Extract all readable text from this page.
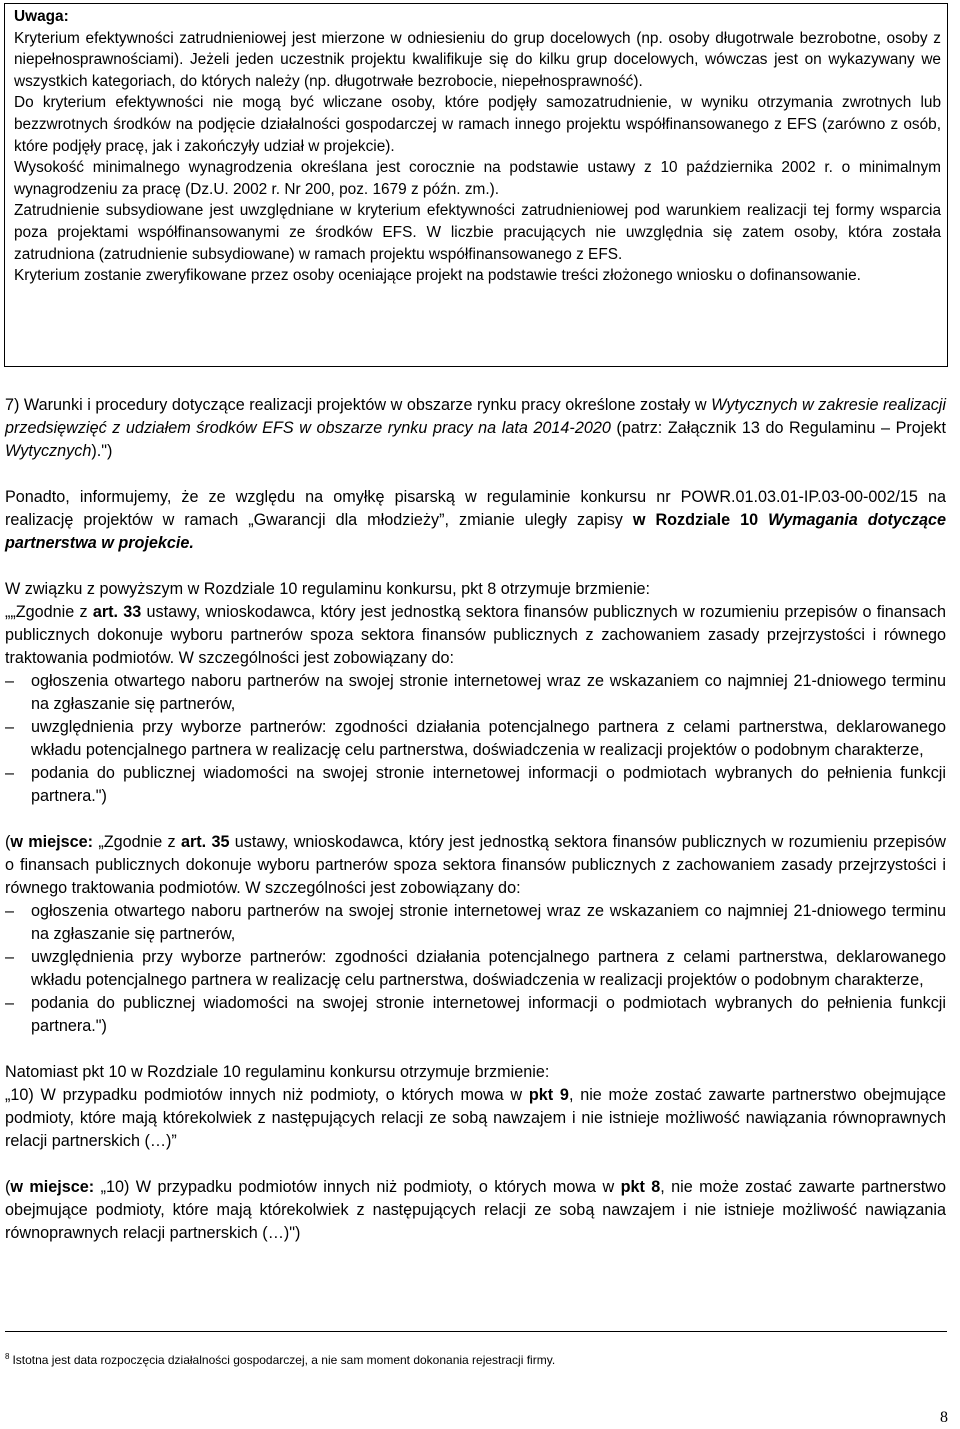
Uwaga:

Kryterium efektywności zatrudnieniowej jest mierzone w odniesieniu do grup docelowych (np. osoby długotrwale bezrobotne, osoby z niepełnosprawnościami). Jeżeli jeden uczestnik projektu kwalifikuje się do kilku grup docelowych, wówczas jest on wykazywany we wszystkich kategoriach, do których należy (np. długotrwałe bezrobocie, niepełnosprawność).

Do kryterium efektywności nie mogą być wliczane osoby, które podjęły samozatrudnienie, w wyniku otrzymania zwrotnych lub bezzwrotnych środków na podjęcie działalności gospodarczej w ramach innego projektu współfinansowanego z EFS (zarówno z osób, które podjęły pracę, jak i zakończyły udział w projekcie).

Wysokość minimalnego wynagrodzenia określana jest corocznie na podstawie ustawy z 10 października 2002 r. o minimalnym wynagrodzeniu za pracę (Dz.U. 2002 r. Nr 200, poz. 1679 z późn. zm.).

Zatrudnienie subsydiowane jest uwzględniane w kryterium efektywności zatrudnieniowej pod warunkiem realizacji tej formy wsparcia poza projektami współfinansowanymi ze środków EFS. W liczbie pracujących nie uwzględnia się zatem osoby, która została zatrudniona (zatrudnienie subsydiowane) w ramach projektu współfinansowanego z EFS.

Kryterium zostanie zweryfikowane przez osoby oceniające projekt na podstawie treści złożonego wniosku o dofinansowanie.

7) Warunki i procedury dotyczące realizacji projektów w obszarze rynku pracy określone zostały w Wytycznych w zakresie realizacji przedsięwzięć z udziałem środków EFS w obszarze rynku pracy na lata 2014-2020 (patrz: Załącznik 13 do Regulaminu – Projekt Wytycznych).")

Ponadto, informujemy, że ze względu na omyłkę pisarską w regulaminie konkursu nr POWR.01.03.01-IP.03-00-002/15 na realizację projektów w ramach „Gwarancji dla młodzieży”, zmianie uległy zapisy w Rozdziale 10 Wymagania dotyczące partnerstwa w projekcie.

W związku z powyższym w Rozdziale 10 regulaminu konkursu, pkt 8 otrzymuje brzmienie:

„„Zgodnie z art. 33 ustawy, wnioskodawca, który jest jednostką sektora finansów publicznych w rozumieniu przepisów o finansach publicznych dokonuje wyboru partnerów spoza sektora finansów publicznych z zachowaniem zasady przejrzystości i równego traktowania podmiotów. W szczególności jest zobowiązany do:

– ogłoszenia otwartego naboru partnerów na swojej stronie internetowej wraz ze wskazaniem co najmniej 21-dniowego terminu na zgłaszanie się partnerów,
– uwzględnienia przy wyborze partnerów: zgodności działania potencjalnego partnera z celami partnerstwa, deklarowanego wkładu potencjalnego partnera w realizację celu partnerstwa, doświadczenia w realizacji projektów o podobnym charakterze,
– podania do publicznej wiadomości na swojej stronie internetowej informacji o podmiotach wybranych do pełnienia funkcji partnera.")

(w miejsce: „Zgodnie z art. 35 ustawy, wnioskodawca, który jest jednostką sektora finansów publicznych w rozumieniu przepisów o finansach publicznych dokonuje wyboru partnerów spoza sektora finansów publicznych z zachowaniem zasady przejrzystości i równego traktowania podmiotów. W szczególności jest zobowiązany do:

– ogłoszenia otwartego naboru partnerów na swojej stronie internetowej wraz ze wskazaniem co najmniej 21-dniowego terminu na zgłaszanie się partnerów,
– uwzględnienia przy wyborze partnerów: zgodności działania potencjalnego partnera z celami partnerstwa, deklarowanego wkładu potencjalnego partnera w realizację celu partnerstwa, doświadczenia w realizacji projektów o podobnym charakterze,
– podania do publicznej wiadomości na swojej stronie internetowej informacji o podmiotach wybranych do pełnienia funkcji partnera.")

Natomiast pkt 10 w Rozdziale 10 regulaminu konkursu otrzymuje brzmienie:

„10) W przypadku podmiotów innych niż podmioty, o których mowa w pkt 9, nie może zostać zawarte partnerstwo obejmujące podmioty, które mają którekolwiek z następujących relacji ze sobą nawzajem i nie istnieje możliwość nawiązania równoprawnych relacji partnerskich (…)”

(w miejsce: „10) W przypadku podmiotów innych niż podmioty, o których mowa w pkt 8, nie może zostać zawarte partnerstwo obejmujące podmioty, które mają którekolwiek z następujących relacji ze sobą nawzajem i nie istnieje możliwość nawiązania równoprawnych relacji partnerskich (…)")

$^8$ Istotna jest data rozpoczęcia działalności gospodarczej, a nie sam moment dokonania rejestracji firmy.
8
